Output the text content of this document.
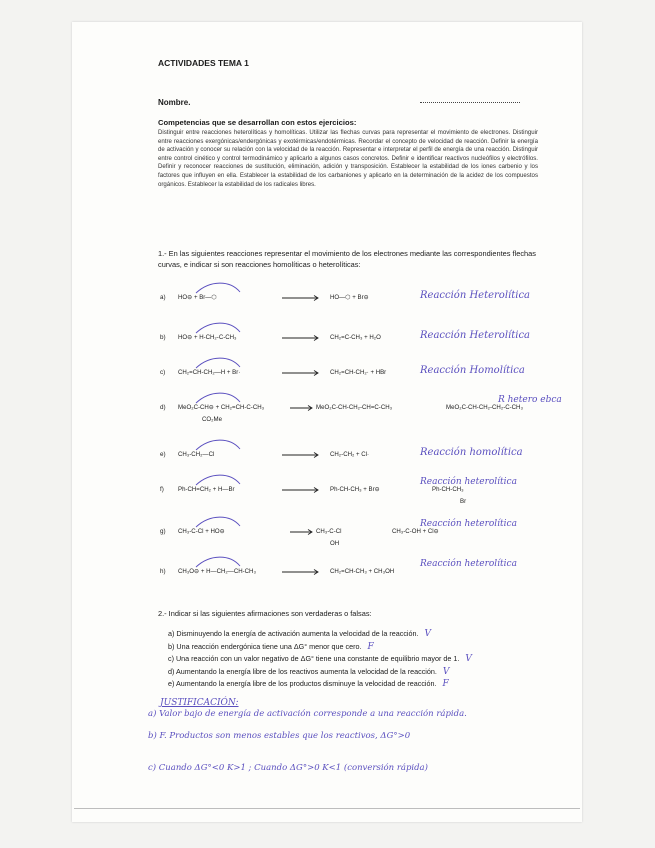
ACTIVIDADES TEMA 1
Nombre.
Competencias que se desarrollan con estos ejercicios:
Distinguir entre reacciones heterolíticas y homolíticas. Utilizar las flechas curvas para representar el movimiento de electrones. Distinguir entre reacciones exergónicas/endergónicas y exotérmicas/endotérmicas. Recordar el concepto de velocidad de reacción. Definir la energía de activación y conocer su relación con la velocidad de la reacción. Representar e interpretar el perfil de energía de una reacción. Distinguir entre control cinético y control termodinámico y aplicarlo a algunos casos concretos. Definir e identificar reactivos nucleófilos y electrófilos. Definir y reconocer reacciones de sustitución, eliminación, adición y transposición. Establecer la estabilidad de los iones carbenio y los factores que influyen en ella. Establecer la estabilidad de los carbaniones y aplicarlo en la determinación de la acidez de los compuestos orgánicos. Establecer la estabilidad de los radicales libres.
1.- En las siguientes reacciones representar el movimiento de los electrones mediante las correspondientes flechas curvas, e indicar si son reacciones homolíticas o heterolíticas:
a) HO⊖ + Br—⬡	HO—⬡ + Br⊖	Reacción Heterolítica
b) HO⊖ + H-CH₂-C-CH₃	CH₂=C-CH₃ + H₂O	Reacción Heterolítica
c) CH₂=CH-CH₂—H + Br·	CH₂=CH-CH₂· + HBr	Reacción Homolítica
d) MeO₂C-CH⊖ + CH₂=CH-C-CH₃	MeO₂C-CH-CH₂-CH=C-CH₃	MeO₂C-CH-CH₂-CH₂-C-CH₃
CO₂Me
R hetero ebca
e) CH₃-CH₂—Cl	CH₂-CH₂ + Cl·	Reacción homolítica
f) Ph-CH=CH₂ + H—Br	Ph-CH-CH₃ + Br⊖	Ph-CH-CH₃
Br
Reacción heterolítica
g) CH₃-C-Cl + HO⊖	CH₃-C-Cl	CH₃-C-OH + Cl⊖
OH
Reacción heterolítica
h) CH₃O⊖ + H—CH₂—CH-CH₃	CH₂=CH-CH₃ + CH₃OH
Reacción heterolítica
2.- Indicar si las siguientes afirmaciones son verdaderas o falsas:
a) Disminuyendo la energía de activación aumenta la velocidad de la reacción. V
b) Una reacción endergónica tiene una ΔG° menor que cero. F
c) Una reacción con un valor negativo de ΔG° tiene una constante de equilibrio mayor de 1. V
d) Aumentando la energía libre de los reactivos aumenta la velocidad de la reacción. V
e) Aumentando la energía libre de los productos disminuye la velocidad de reacción. F
JUSTIFICACIÓN:
a) Valor bajo de energía de activación corresponde a una reacción rápida.
b) F. Productos son menos estables que los reactivos, ΔG°>0
c) Cuando ΔG°<0 K>1 ; Cuando ΔG°>0 K<1 (conversión rápida)
